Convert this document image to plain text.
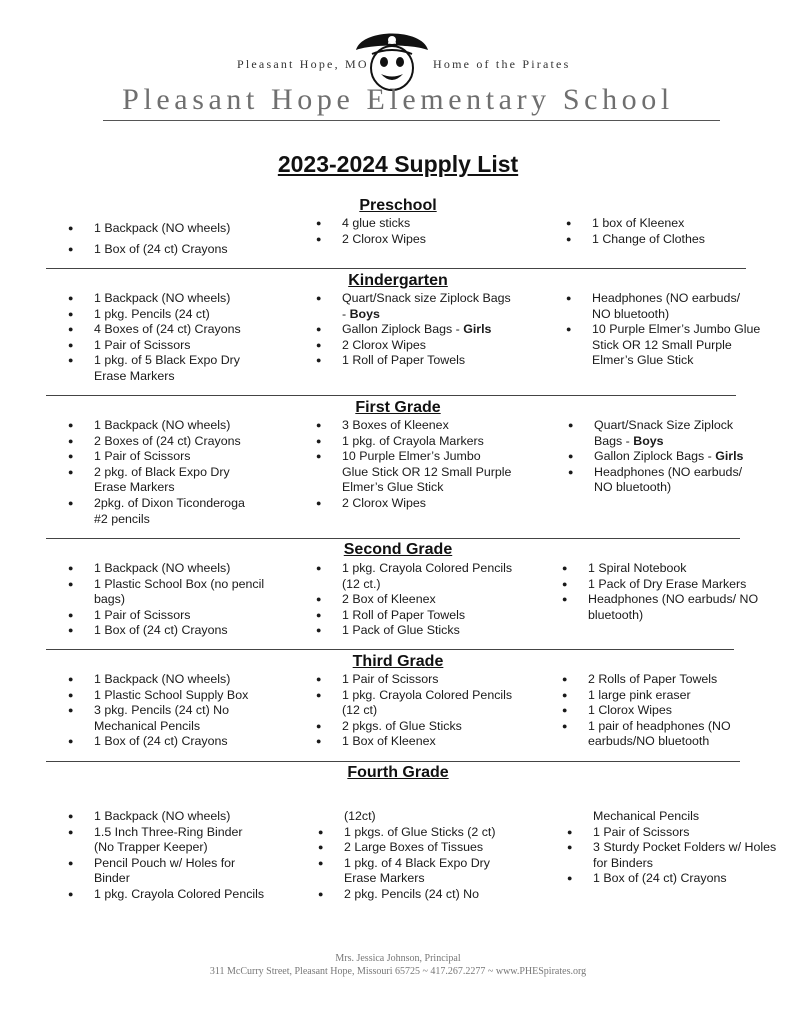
Pleasant Hope, MO	Home of the Pirates
Pleasant Hope Elementary School
2023-2024 Supply List
Preschool
● 1 Backpack (NO wheels)
● 1 Box of (24 ct) Crayons
● 4 glue sticks
● 2 Clorox Wipes
● 1 box of Kleenex
● 1 Change of Clothes
Kindergarten
● 1 Backpack (NO wheels)
● 1 pkg. Pencils (24 ct)
● 4 Boxes of (24 ct) Crayons
● 1 Pair of Scissors
● 1 pkg. of 5 Black Expo Dry
Erase Markers
● Quart/Snack size Ziplock Bags
- Boys
● Gallon Ziplock Bags - Girls
● 2 Clorox Wipes
● 1 Roll of Paper Towels
● Headphones (NO earbuds/
NO bluetooth)
● 10 Purple Elmer’s Jumbo Glue
Stick OR 12 Small Purple
Elmer’s Glue Stick
First Grade
● 1 Backpack (NO wheels)
● 2 Boxes of (24 ct) Crayons
● 1 Pair of Scissors
● 2 pkg. of Black Expo Dry
Erase Markers
● 2pkg. of Dixon Ticonderoga
#2 pencils
● 3 Boxes of Kleenex
● 1 pkg. of Crayola Markers
● 10 Purple Elmer’s Jumbo
Glue Stick OR 12 Small Purple
Elmer’s Glue Stick
● 2 Clorox Wipes
● Quart/Snack Size Ziplock
Bags - Boys
● Gallon Ziplock Bags - Girls
● Headphones (NO earbuds/
NO bluetooth)
Second Grade
● 1 Backpack (NO wheels)
● 1 Plastic School Box (no pencil
bags)
● 1 Pair of Scissors
● 1 Box of (24 ct) Crayons
● 1 pkg. Crayola Colored Pencils
(12 ct.)
● 2 Box of Kleenex
● 1 Roll of Paper Towels
● 1 Pack of Glue Sticks
● 1 Spiral Notebook
● 1 Pack of Dry Erase Markers
● Headphones (NO earbuds/ NO
bluetooth)
Third Grade
● 1 Backpack (NO wheels)
● 1 Plastic School Supply Box
● 3 pkg. Pencils (24 ct) No
Mechanical Pencils
● 1 Box of (24 ct) Crayons
● 1 Pair of Scissors
● 1 pkg. Crayola Colored Pencils
(12 ct)
● 2 pkgs. of Glue Sticks
● 1 Box of Kleenex
● 2 Rolls of Paper Towels
● 1 large pink eraser
● 1 Clorox Wipes
● 1 pair of headphones (NO
earbuds/NO bluetooth
Fourth Grade
● 1 Backpack (NO wheels)
● 1.5 Inch Three-Ring Binder
(No Trapper Keeper)
● Pencil Pouch w/ Holes for
Binder
● 1 pkg. Crayola Colored Pencils
(12ct)
● 1 pkgs. of Glue Sticks (2 ct)
● 2 Large Boxes of Tissues
● 1 pkg. of 4 Black Expo Dry
Erase Markers
● 2 pkg. Pencils (24 ct) No
Mechanical Pencils
● 1 Pair of Scissors
● 3 Sturdy Pocket Folders w/ Holes
for Binders
● 1 Box of (24 ct) Crayons
Mrs. Jessica Johnson, Principal
311 McCurry Street, Pleasant Hope, Missouri 65725 ~ 417.267.2277 ~ www.PHESpirates.org
